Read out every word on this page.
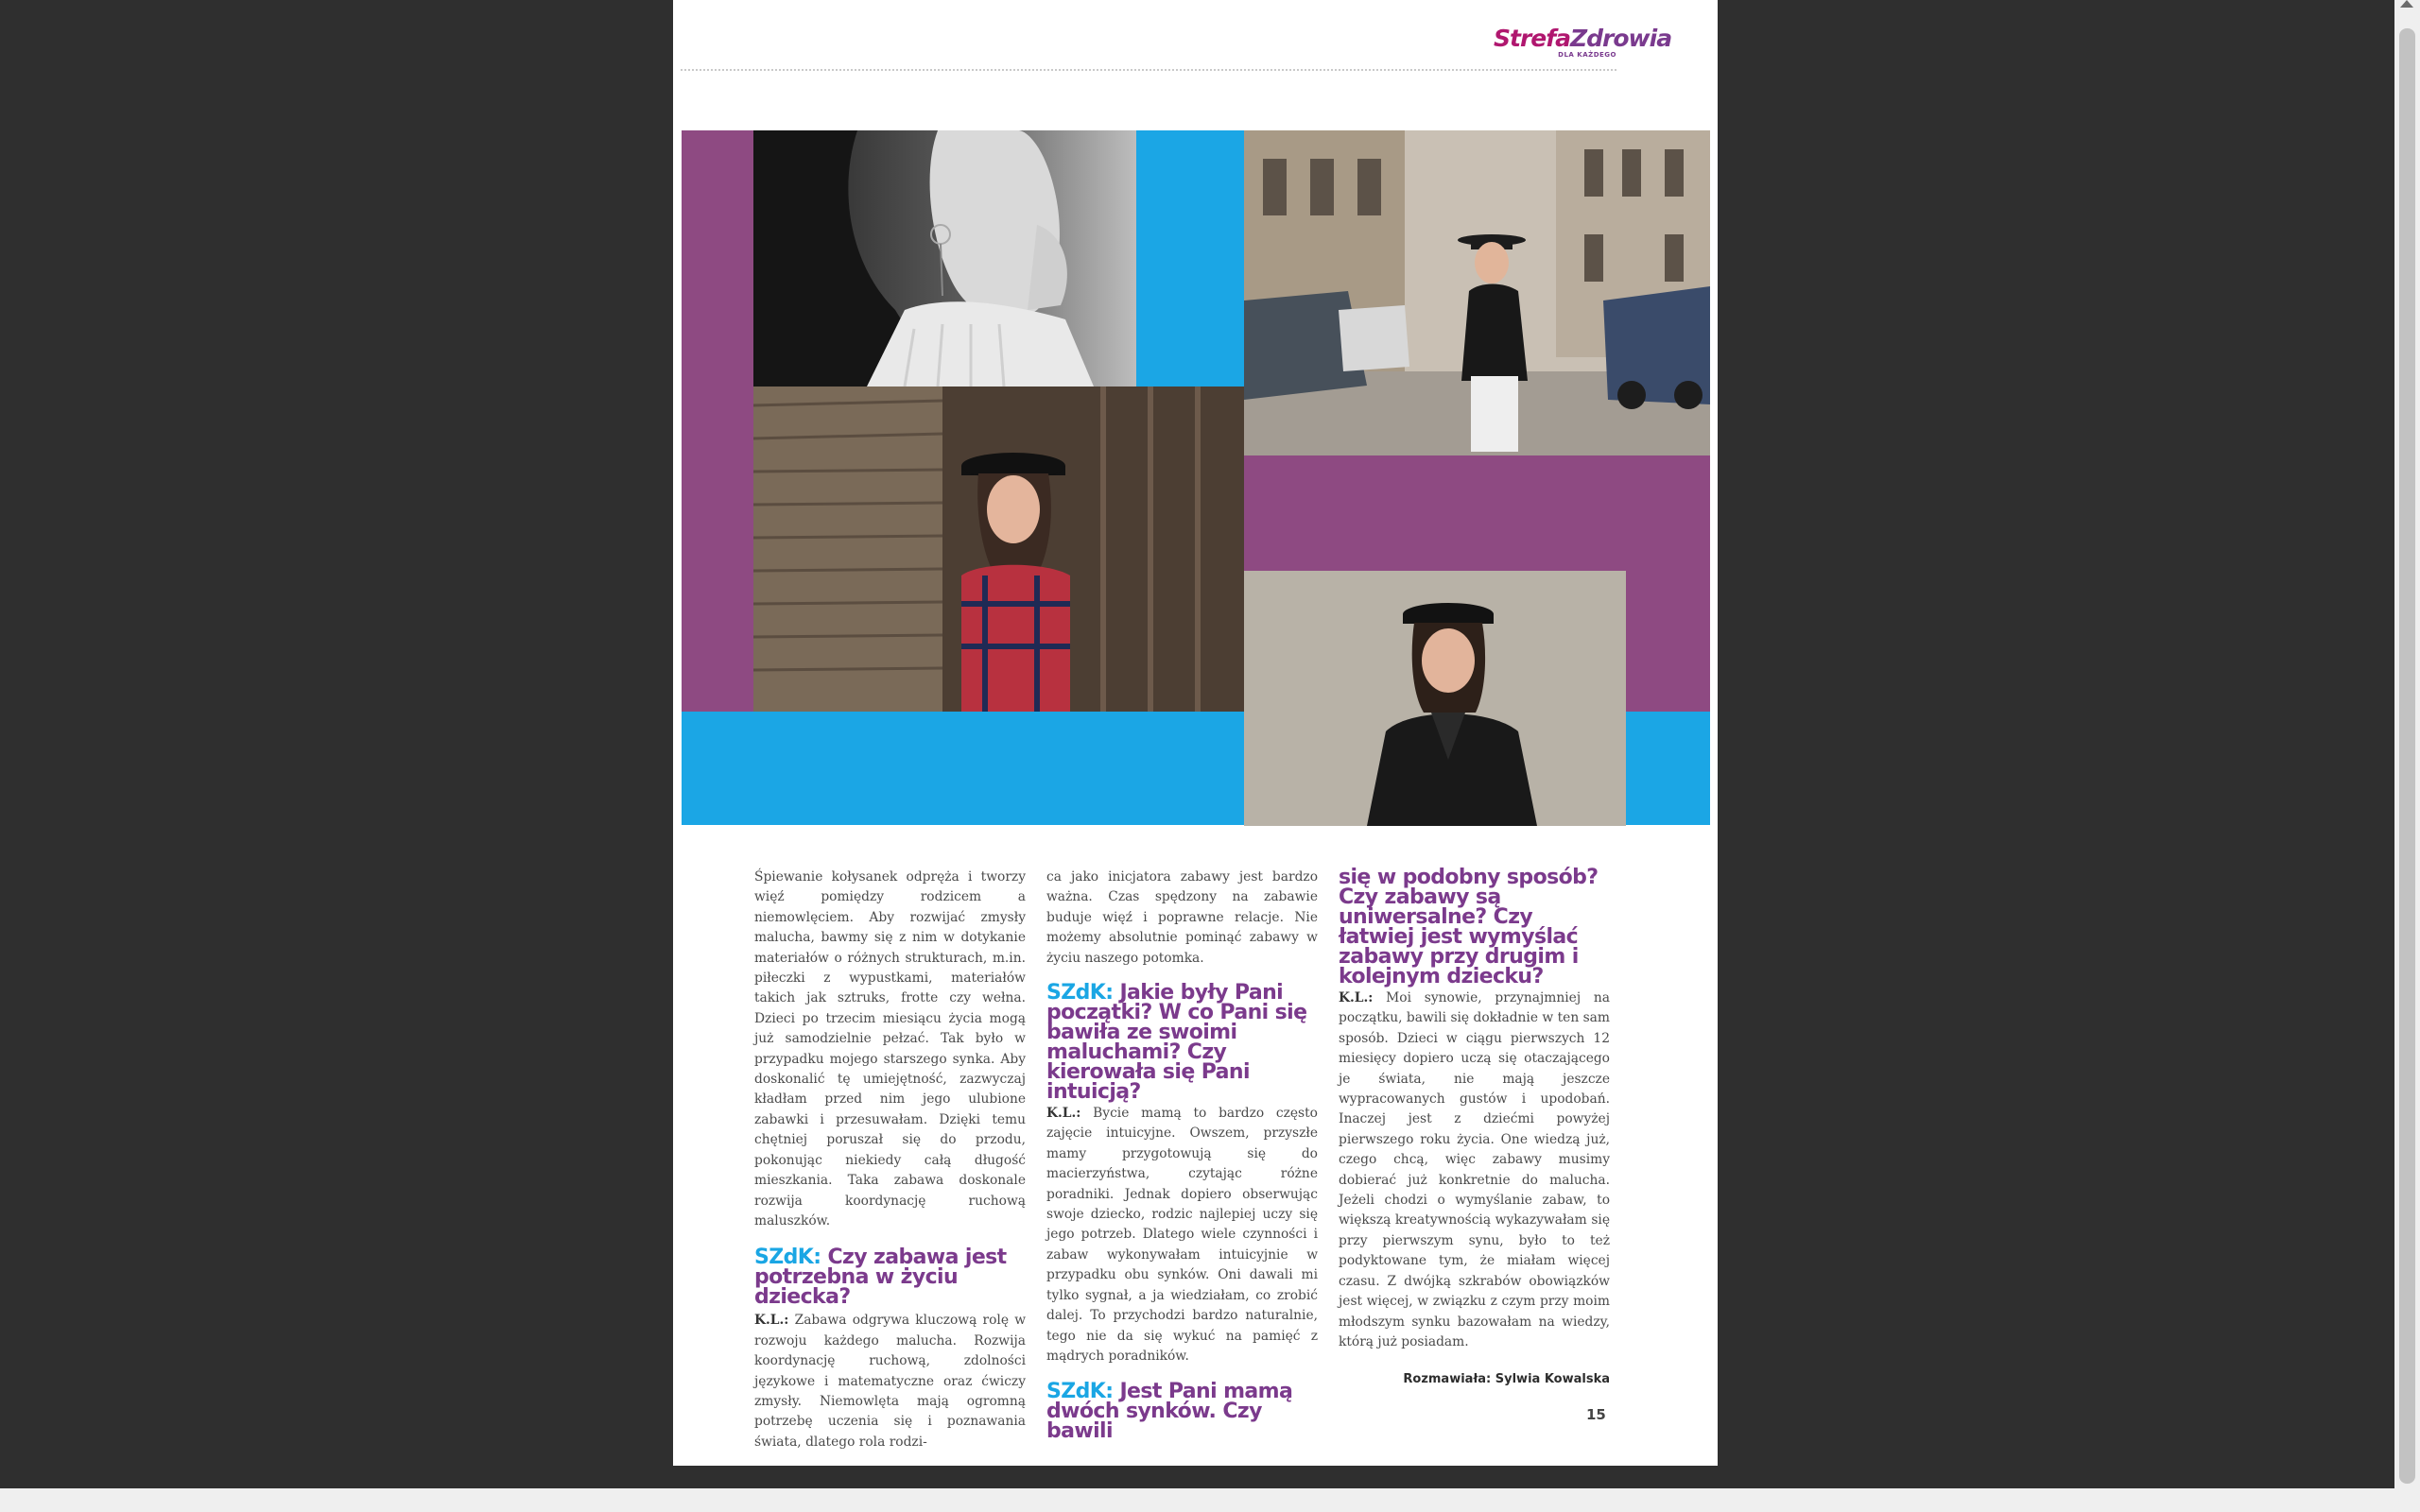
StrefaZdrowia
DLA KAŻDEGO

Śpiewanie kołysanek odpręża i tworzy więź pomiędzy rodzicem a niemowlęciem. Aby rozwijać zmysły malucha, bawmy się z nim w dotykanie materiałów o różnych strukturach, m.in. piłeczki z wypustkami, materiałów takich jak sztruks, frotte czy wełna. Dzieci po trzecim miesiącu życia mogą już samodzielnie pełzać. Tak było w przypadku mojego starszego synka. Aby doskonalić tę umiejętność, zazwyczaj kładłam przed nim jego ulubione zabawki i przesuwałam. Dzięki temu chętniej poruszał się do przodu, pokonując niekiedy całą długość mieszkania. Taka zabawa doskonale rozwija koordynację ruchową maluszków.

SZdK: Czy zabawa jest potrzebna w życiu dziecka?

K.L.: Zabawa odgrywa kluczową rolę w rozwoju każdego malucha. Rozwija koordynację ruchową, zdolności językowe i matematyczne oraz ćwiczy zmysły. Niemowlęta mają ogromną potrzebę uczenia się i poznawania świata, dlatego rola rodzi-

ca jako inicjatora zabawy jest bardzo ważna. Czas spędzony na zabawie buduje więź i poprawne relacje. Nie możemy absolutnie pominąć zabawy w życiu naszego potomka.

SZdK: Jakie były Pani początki? W co Pani się bawiła ze swoimi maluchami? Czy kierowała się Pani intuicją?

K.L.: Bycie mamą to bardzo często zajęcie intuicyjne. Owszem, przyszłe mamy przygotowują się do macierzyństwa, czytając różne poradniki. Jednak dopiero obserwując swoje dziecko, rodzic najlepiej uczy się jego potrzeb. Dlatego wiele czynności i zabaw wykonywałam intuicyjnie w przypadku obu synków. Oni dawali mi tylko sygnał, a ja wiedziałam, co zrobić dalej. To przychodzi bardzo naturalnie, tego nie da się wykuć na pamięć z mądrych poradników.

SZdK: Jest Pani mamą dwóch synków. Czy bawili

się w podobny sposób? Czy zabawy są uniwersalne? Czy łatwiej jest wymyślać zabawy przy drugim i kolejnym dziecku?

K.L.: Moi synowie, przynajmniej na początku, bawili się dokładnie w ten sam sposób. Dzieci w ciągu pierwszych 12 miesięcy dopiero uczą się otaczającego je świata, nie mają jeszcze wypracowanych gustów i upodobań. Inaczej jest z dziećmi powyżej pierwszego roku życia. One wiedzą już, czego chcą, więc zabawy musimy dobierać już konkretnie do malucha. Jeżeli chodzi o wymyślanie zabaw, to większą kreatywnością wykazywałam się przy pierwszym synu, było to też podyktowane tym, że miałam więcej czasu. Z dwójką szkrabów obowiązków jest więcej, w związku z czym przy moim młodszym synku bazowałam na wiedzy, którą już posiadam.

Rozmawiała: Sylwia Kowalska
15
